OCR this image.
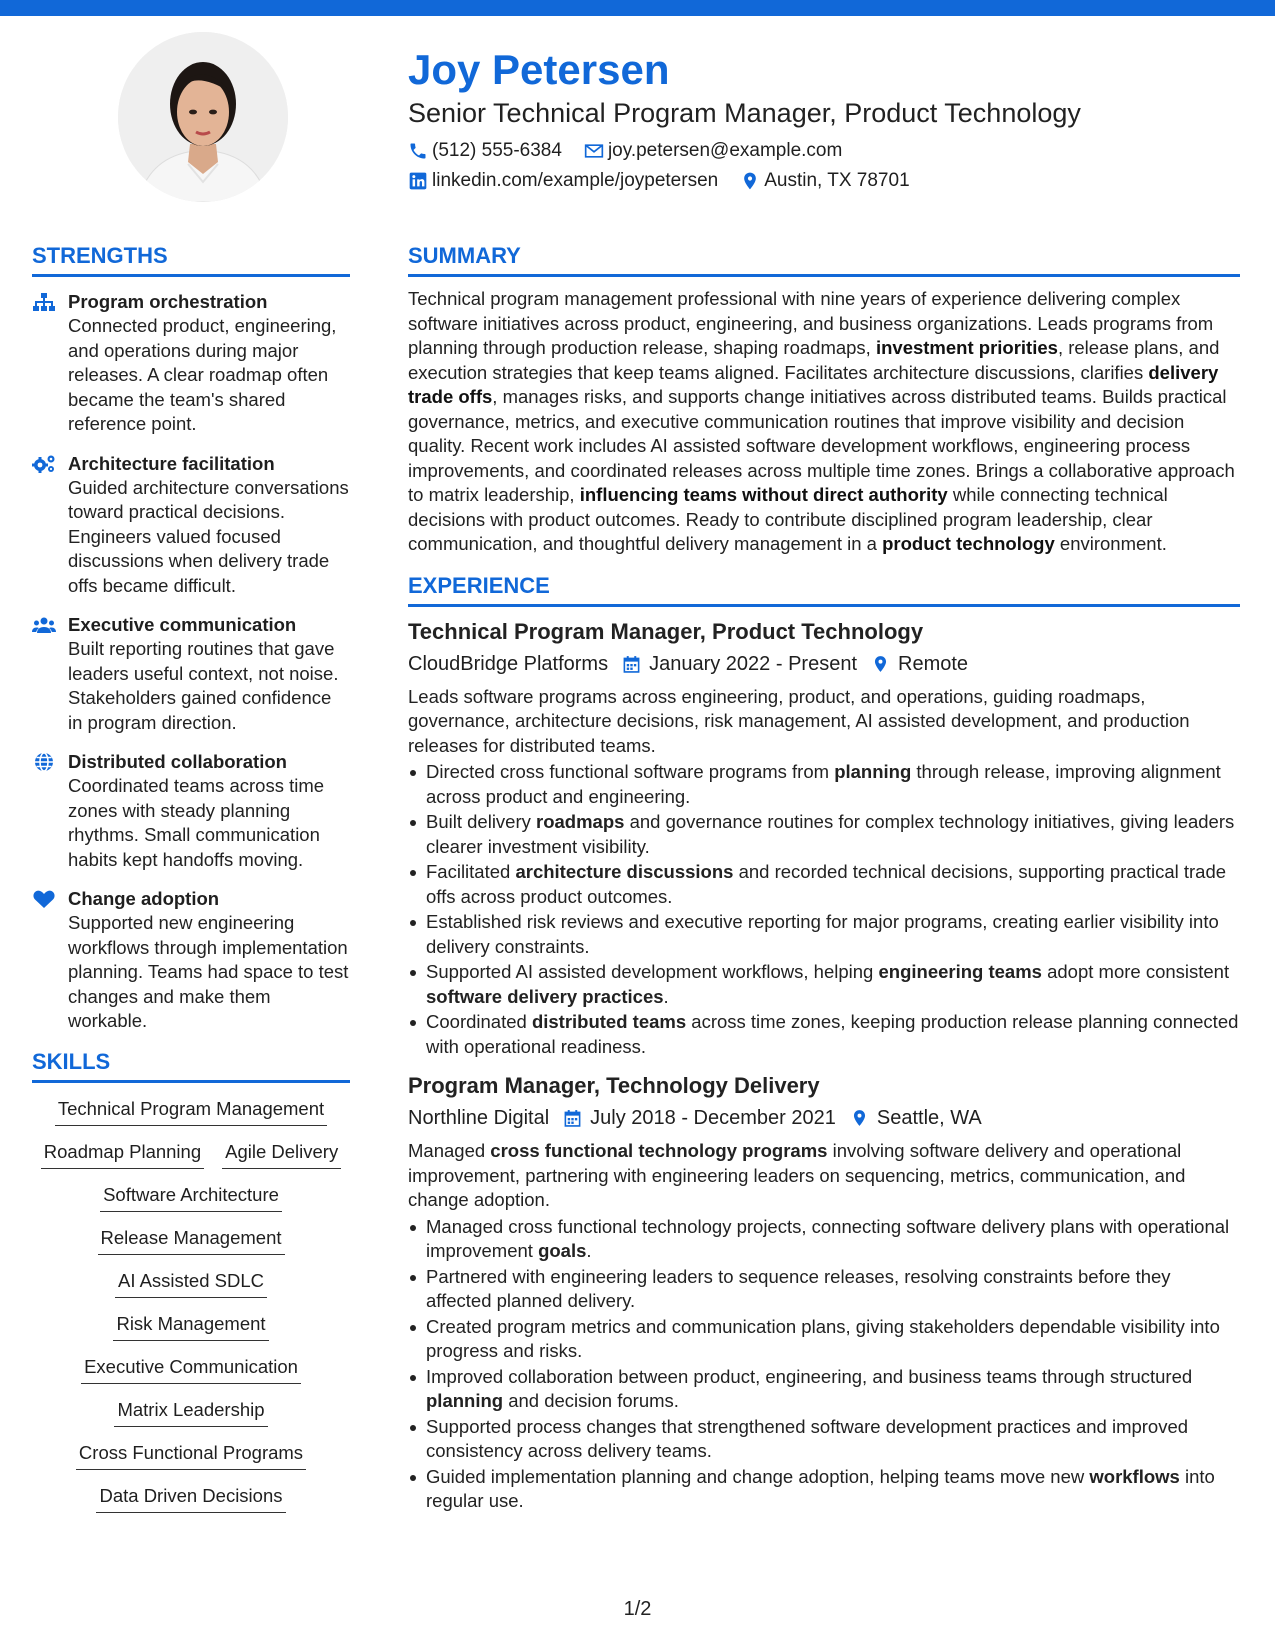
Joy Petersen
Senior Technical Program Manager, Product Technology
(512) 555-6384 joy.petersen@example.com
linkedin.com/example/joypetersen Austin, TX 78701
STRENGTHS
Program orchestration
Connected product, engineering, and operations during major releases. A clear roadmap often became the team's shared reference point.
Architecture facilitation
Guided architecture conversations toward practical decisions. Engineers valued focused discussions when delivery trade offs became difficult.
Executive communication
Built reporting routines that gave leaders useful context, not noise. Stakeholders gained confidence in program direction.
Distributed collaboration
Coordinated teams across time zones with steady planning rhythms. Small communication habits kept handoffs moving.
Change adoption
Supported new engineering workflows through implementation planning. Teams had space to test changes and make them workable.
SKILLS
Technical Program Management
Roadmap Planning Agile Delivery
Software Architecture
Release Management
AI Assisted SDLC
Risk Management
Executive Communication
Matrix Leadership
Cross Functional Programs
Data Driven Decisions
SUMMARY
Technical program management professional with nine years of experience delivering complex software initiatives across product, engineering, and business organizations. Leads programs from planning through production release, shaping roadmaps, investment priorities, release plans, and execution strategies that keep teams aligned. Facilitates architecture discussions, clarifies delivery trade offs, manages risks, and supports change initiatives across distributed teams. Builds practical governance, metrics, and executive communication routines that improve visibility and decision quality. Recent work includes AI assisted software development workflows, engineering process improvements, and coordinated releases across multiple time zones. Brings a collaborative approach to matrix leadership, influencing teams without direct authority while connecting technical decisions with product outcomes. Ready to contribute disciplined program leadership, clear communication, and thoughtful delivery management in a product technology environment.
EXPERIENCE
Technical Program Manager, Product Technology
CloudBridge Platforms January 2022 - Present Remote
Leads software programs across engineering, product, and operations, guiding roadmaps, governance, architecture decisions, risk management, AI assisted development, and production releases for distributed teams.
Directed cross functional software programs from planning through release, improving alignment across product and engineering.
Built delivery roadmaps and governance routines for complex technology initiatives, giving leaders clearer investment visibility.
Facilitated architecture discussions and recorded technical decisions, supporting practical trade offs across product outcomes.
Established risk reviews and executive reporting for major programs, creating earlier visibility into delivery constraints.
Supported AI assisted development workflows, helping engineering teams adopt more consistent software delivery practices.
Coordinated distributed teams across time zones, keeping production release planning connected with operational readiness.
Program Manager, Technology Delivery
Northline Digital July 2018 - December 2021 Seattle, WA
Managed cross functional technology programs involving software delivery and operational improvement, partnering with engineering leaders on sequencing, metrics, communication, and change adoption.
Managed cross functional technology projects, connecting software delivery plans with operational improvement goals.
Partnered with engineering leaders to sequence releases, resolving constraints before they affected planned delivery.
Created program metrics and communication plans, giving stakeholders dependable visibility into progress and risks.
Improved collaboration between product, engineering, and business teams through structured planning and decision forums.
Supported process changes that strengthened software development practices and improved consistency across delivery teams.
Guided implementation planning and change adoption, helping teams move new workflows into regular use.
1/2
